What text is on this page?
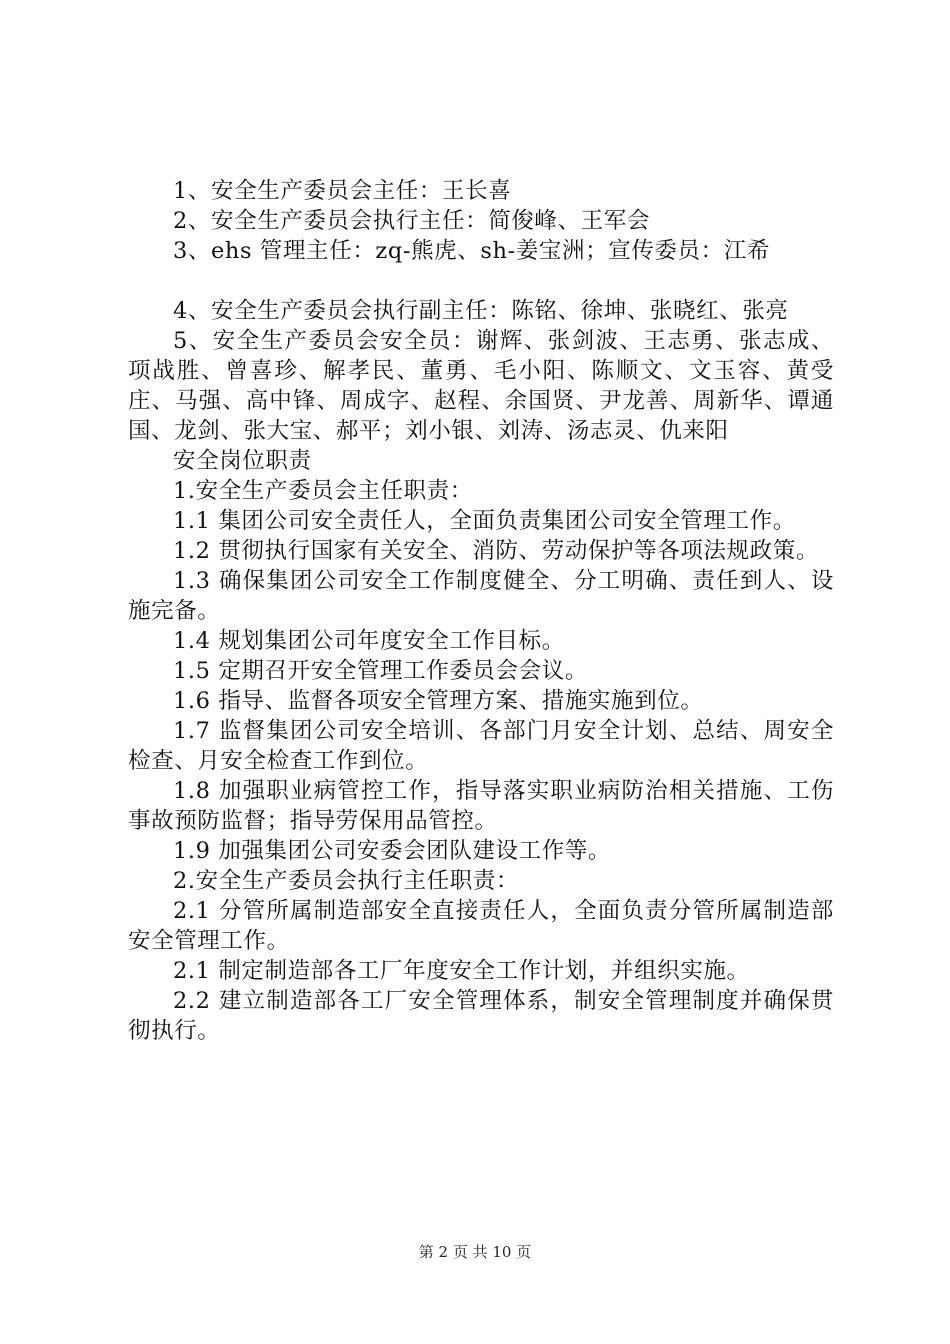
1、安全生产委员会主任：王长喜

2、安全生产委员会执行主任：简俊峰、王军会

3、ehs 管理主任：zq-熊虎、sh-姜宝洲；宣传委员：江希

4、安全生产委员会执行副主任：陈铭、徐坤、张晓红、张亮

5、安全生产委员会安全员：谢辉、张剑波、王志勇、张志成、项战胜、曾喜珍、解孝民、董勇、毛小阳、陈顺文、文玉容、黄受庄、马强、高中锋、周成字、赵程、余国贤、尹龙善、周新华、谭通国、龙剑、张大宝、郝平；刘小银、刘涛、汤志灵、仇来阳

安全岗位职责

1.安全生产委员会主任职责：

1.1 集团公司安全责任人，全面负责集团公司安全管理工作。

1.2 贯彻执行国家有关安全、消防、劳动保护等各项法规政策。

1.3 确保集团公司安全工作制度健全、分工明确、责任到人、设施完备。

1.4 规划集团公司年度安全工作目标。

1.5 定期召开安全管理工作委员会会议。

1.6 指导、监督各项安全管理方案、措施实施到位。

1.7 监督集团公司安全培训、各部门月安全计划、总结、周安全检查、月安全检查工作到位。

1.8 加强职业病管控工作，指导落实职业病防治相关措施、工伤事故预防监督；指导劳保用品管控。

1.9 加强集团公司安委会团队建设工作等。

2.安全生产委员会执行主任职责：

2.1 分管所属制造部安全直接责任人，全面负责分管所属制造部安全管理工作。

2.1 制定制造部各工厂年度安全工作计划，并组织实施。

2.2 建立制造部各工厂安全管理体系，制安全管理制度并确保贯彻执行。

第 2 页 共 10 页
